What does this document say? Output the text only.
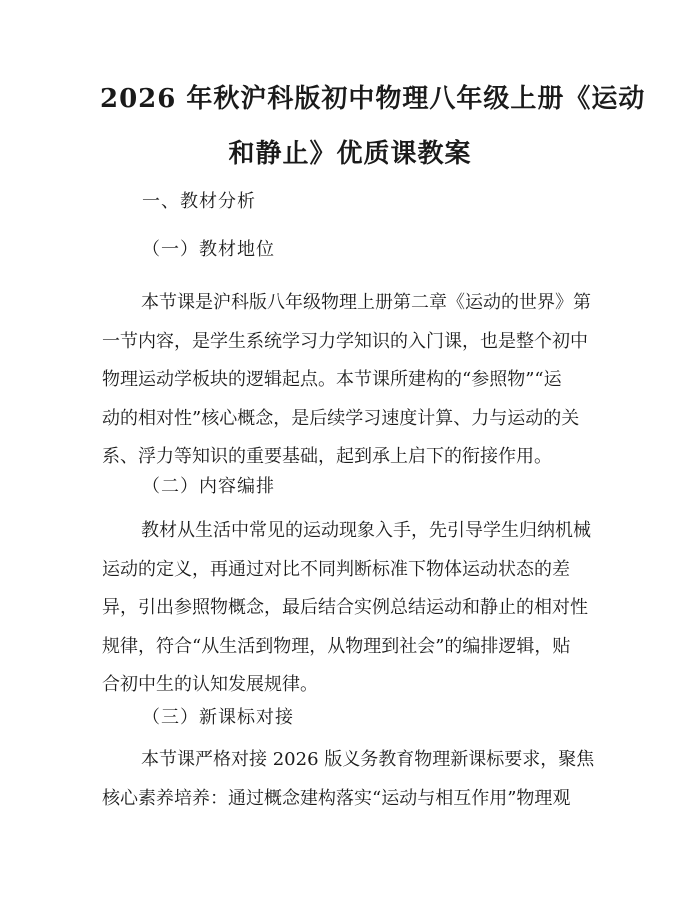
2026 年秋沪科版初中物理八年级上册《运动
和静止》优质课教案
一、教材分析
（一）教材地位
本节课是沪科版八年级物理上册第二章《运动的世界》第
一节内容，是学生系统学习力学知识的入门课，也是整个初中
物理运动学板块的逻辑起点。本节课所建构的“参照物”“运
动的相对性”核心概念，是后续学习速度计算、力与运动的关
系、浮力等知识的重要基础，起到承上启下的衔接作用。
（二）内容编排
教材从生活中常见的运动现象入手，先引导学生归纳机械
运动的定义，再通过对比不同判断标准下物体运动状态的差
异，引出参照物概念，最后结合实例总结运动和静止的相对性
规律，符合“从生活到物理，从物理到社会”的编排逻辑，贴
合初中生的认知发展规律。
（三）新课标对接
本节课严格对接 2026 版义务教育物理新课标要求，聚焦
核心素养培养：通过概念建构落实“运动与相互作用”物理观
